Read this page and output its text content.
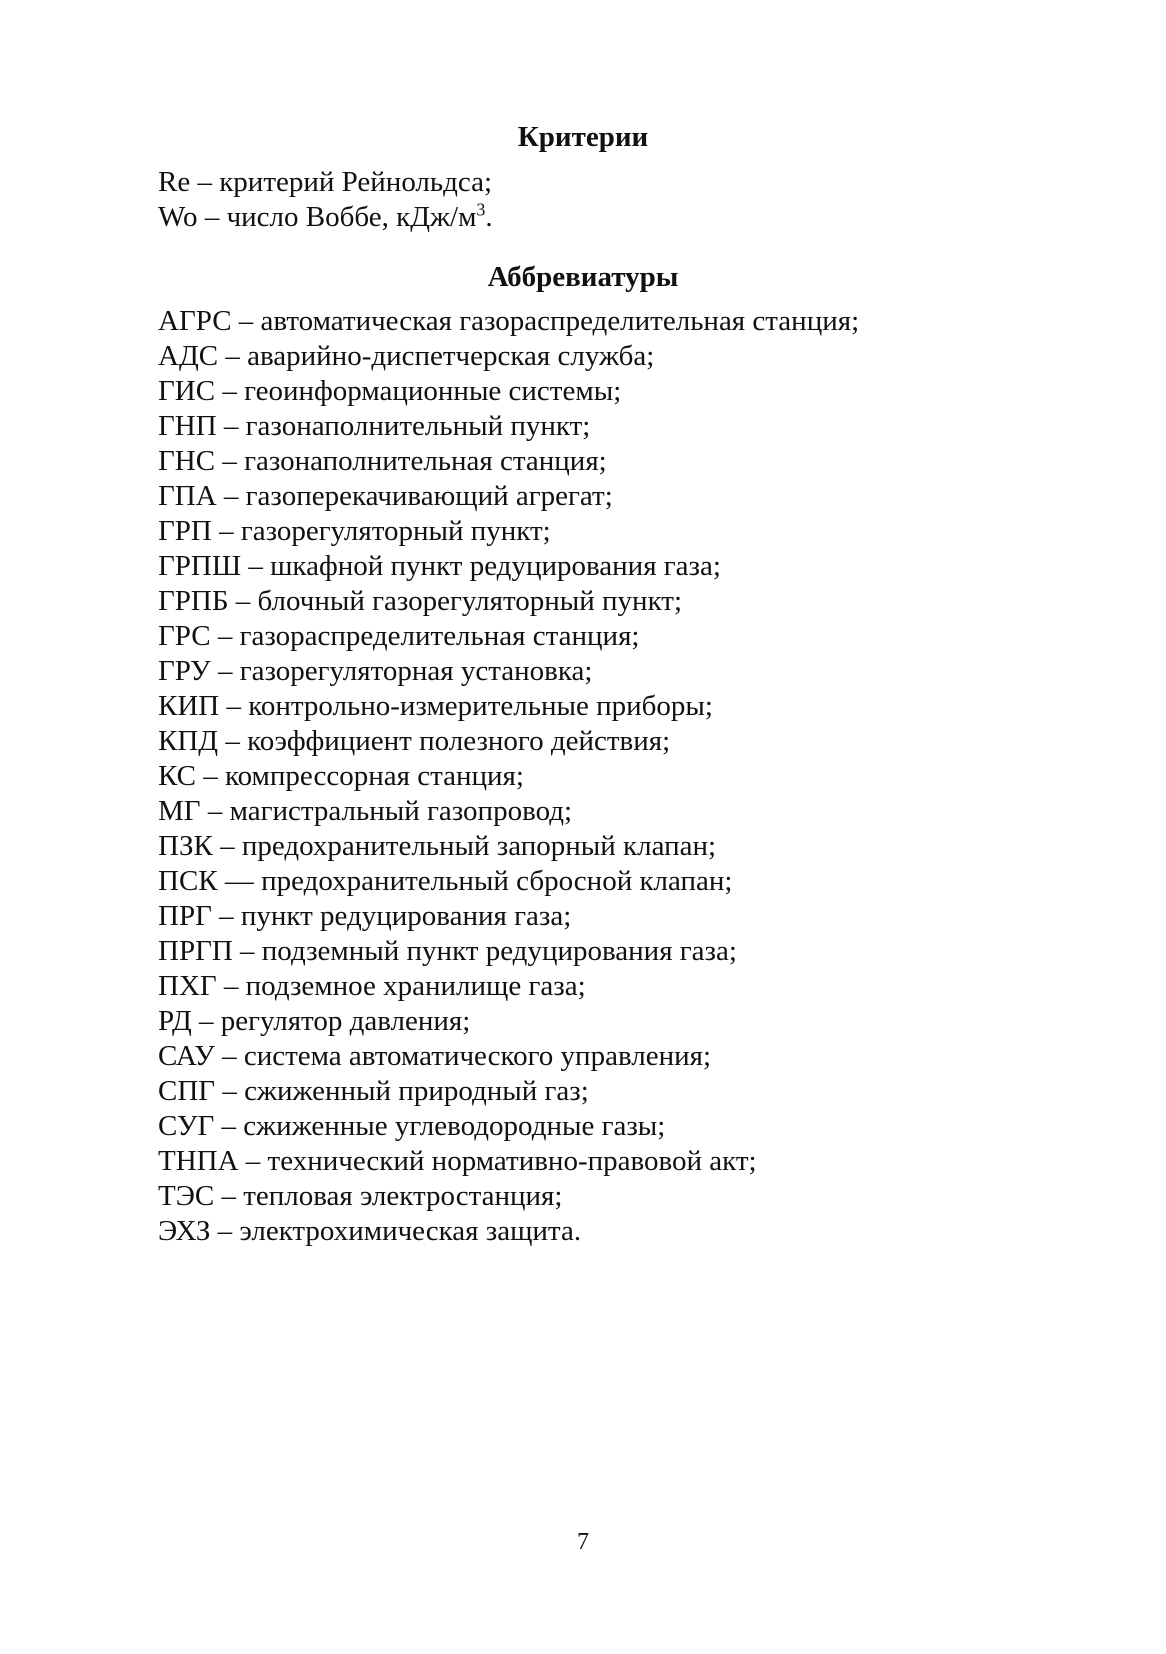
Критерии
Re – критерий Рейнольдса;
Wo – число Воббе, кДж/$м^3$.
Аббревиатуры
АГРС – автоматическая газораспределительная станция;
АДС – аварийно-диспетчерская служба;
ГИС – геоинформационные системы;
ГНП – газонаполнительный пункт;
ГНС – газонаполнительная станция;
ГПА – газоперекачивающий агрегат;
ГРП – газорегуляторный пункт;
ГРПШ – шкафной пункт редуцирования газа;
ГРПБ – блочный газорегуляторный пункт;
ГРС – газораспределительная станция;
ГРУ – газорегуляторная установка;
КИП – контрольно-измерительные приборы;
КПД – коэффициент полезного действия;
КС – компрессорная станция;
МГ – магистральный газопровод;
ПЗК – предохранительный запорный клапан;
ПСК — предохранительный сбросной клапан;
ПРГ – пункт редуцирования газа;
ПРГП – подземный пункт редуцирования газа;
ПХГ – подземное хранилище газа;
РД – регулятор давления;
САУ – система автоматического управления;
СПГ – сжиженный природный газ;
СУГ – сжиженные углеводородные газы;
ТНПА – технический нормативно-правовой акт;
ТЭС – тепловая электростанция;
ЭХЗ – электрохимическая защита.
7
